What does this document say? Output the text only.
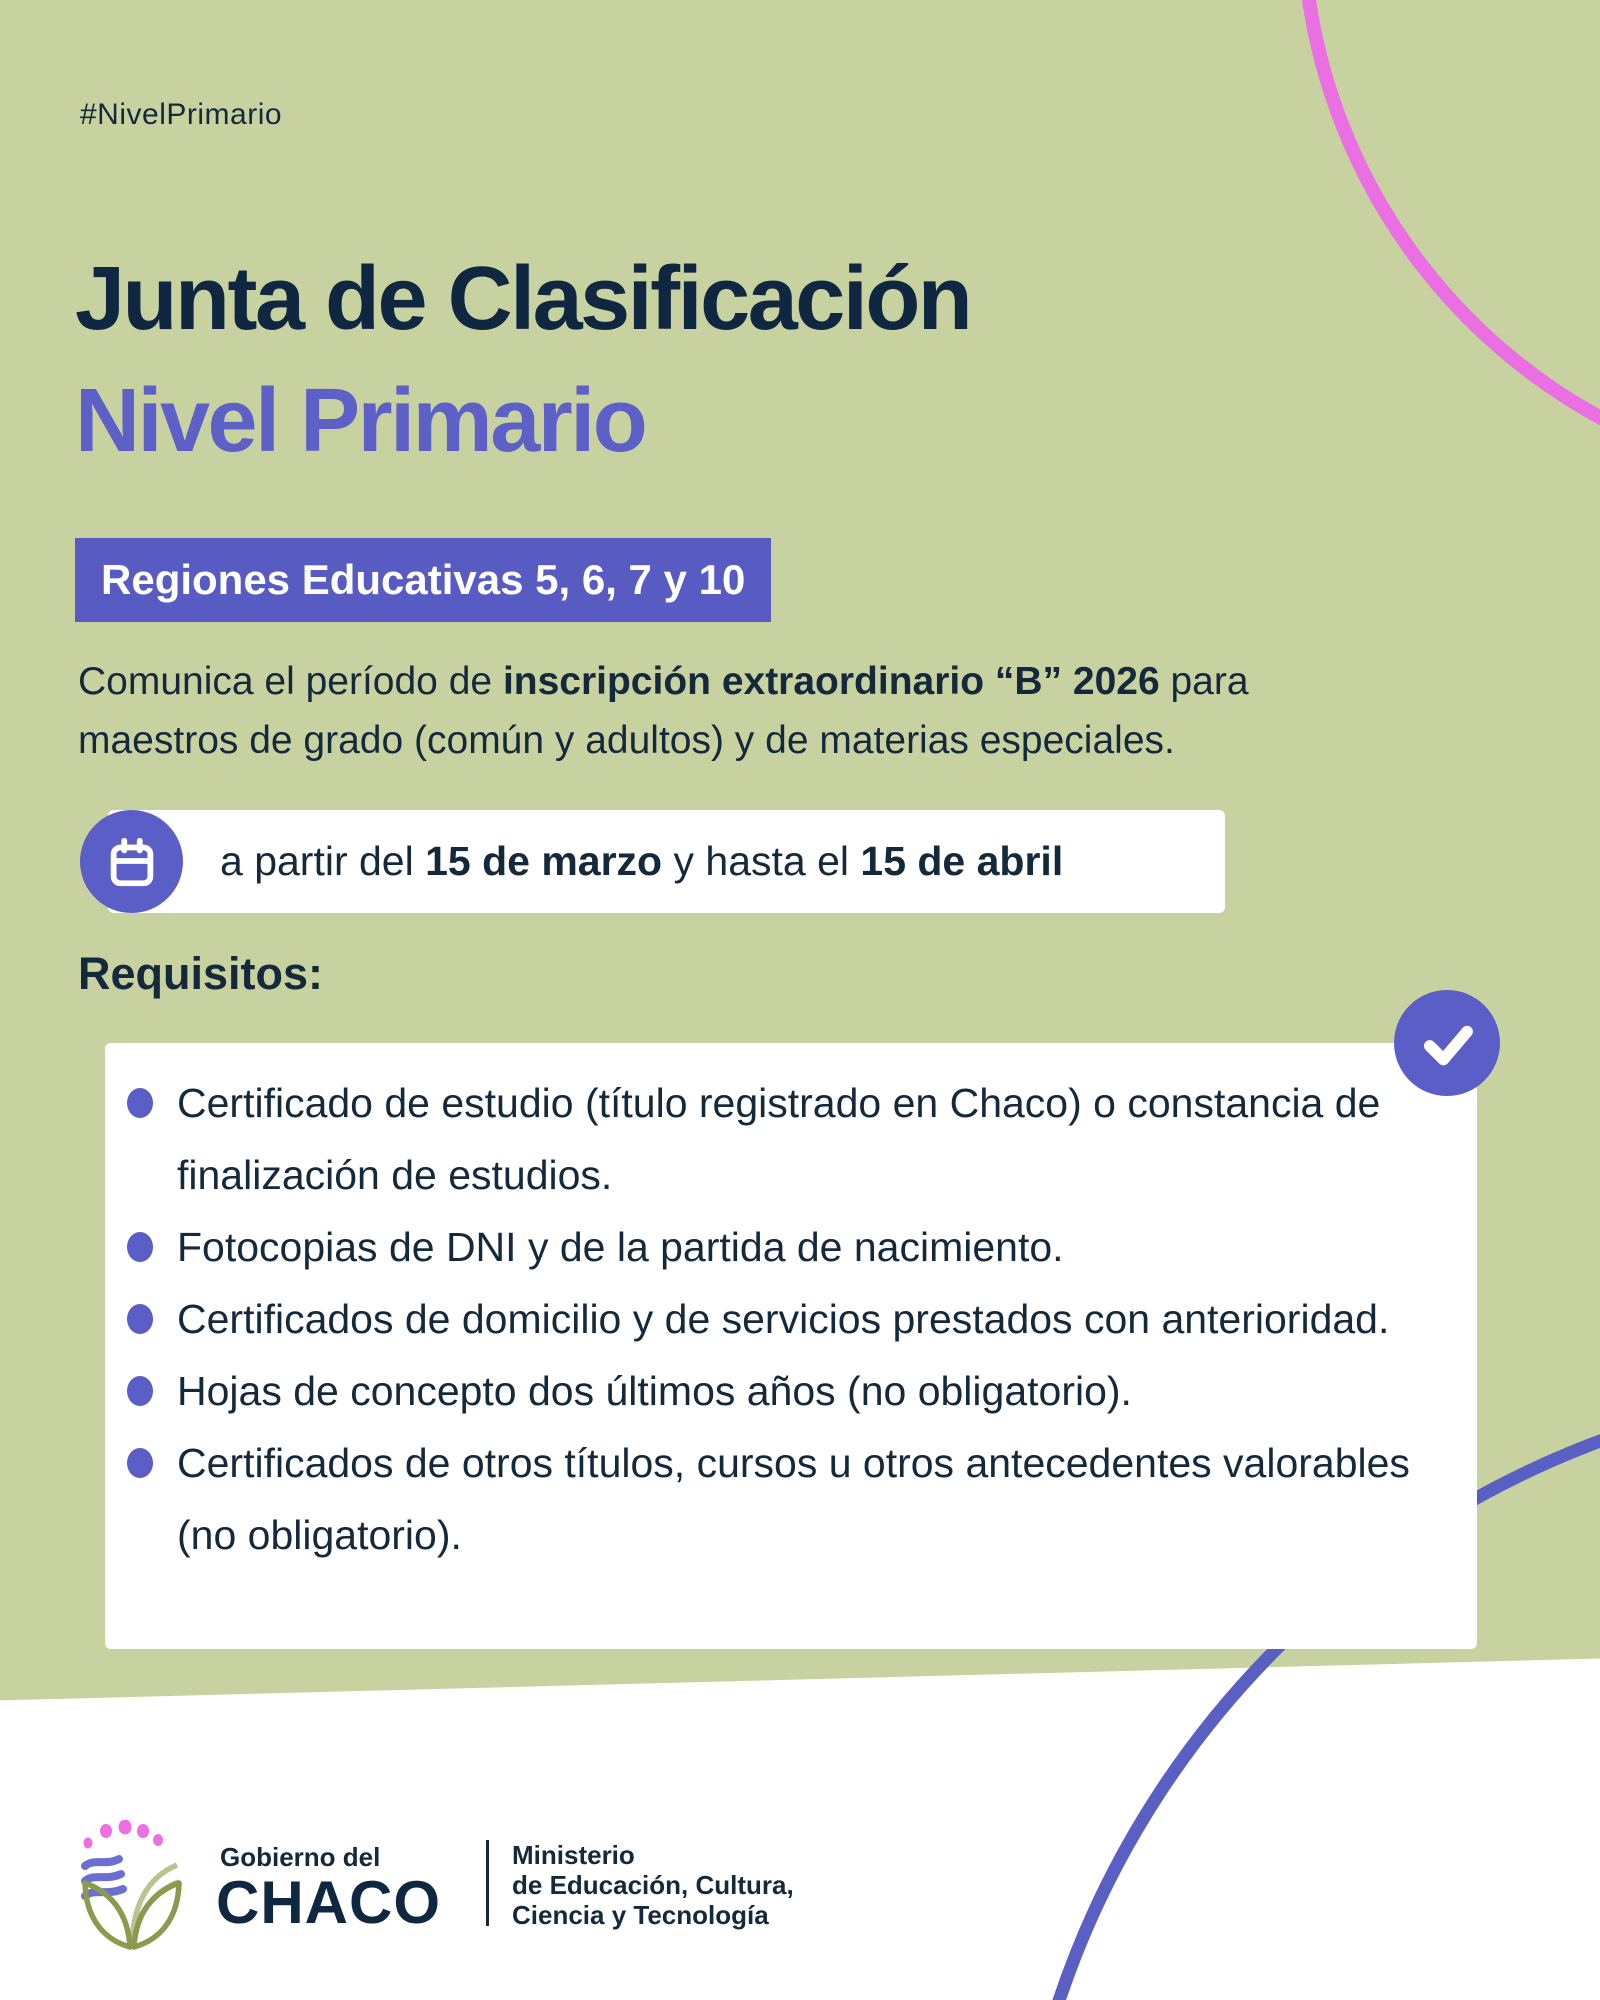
#NivelPrimario
Junta de Clasificación
Nivel Primario
Regiones Educativas 5, 6, 7 y 10
Comunica el período de inscripción extraordinario “B” 2026 para maestros de grado (común y adultos) y de materias especiales.
a partir del 15 de marzo y hasta el 15 de abril
Requisitos:
Certificado de estudio (título registrado en Chaco) o constancia de finalización de estudios.
Fotocopias de DNI y de la partida de nacimiento.
Certificados de domicilio y de servicios prestados con anterioridad.
Hojas de concepto dos últimos años (no obligatorio).
Certificados de otros títulos, cursos u otros antecedentes valorables (no obligatorio).
Gobierno del
CHACO
Ministerio
de Educación, Cultura,
Ciencia y Tecnología
